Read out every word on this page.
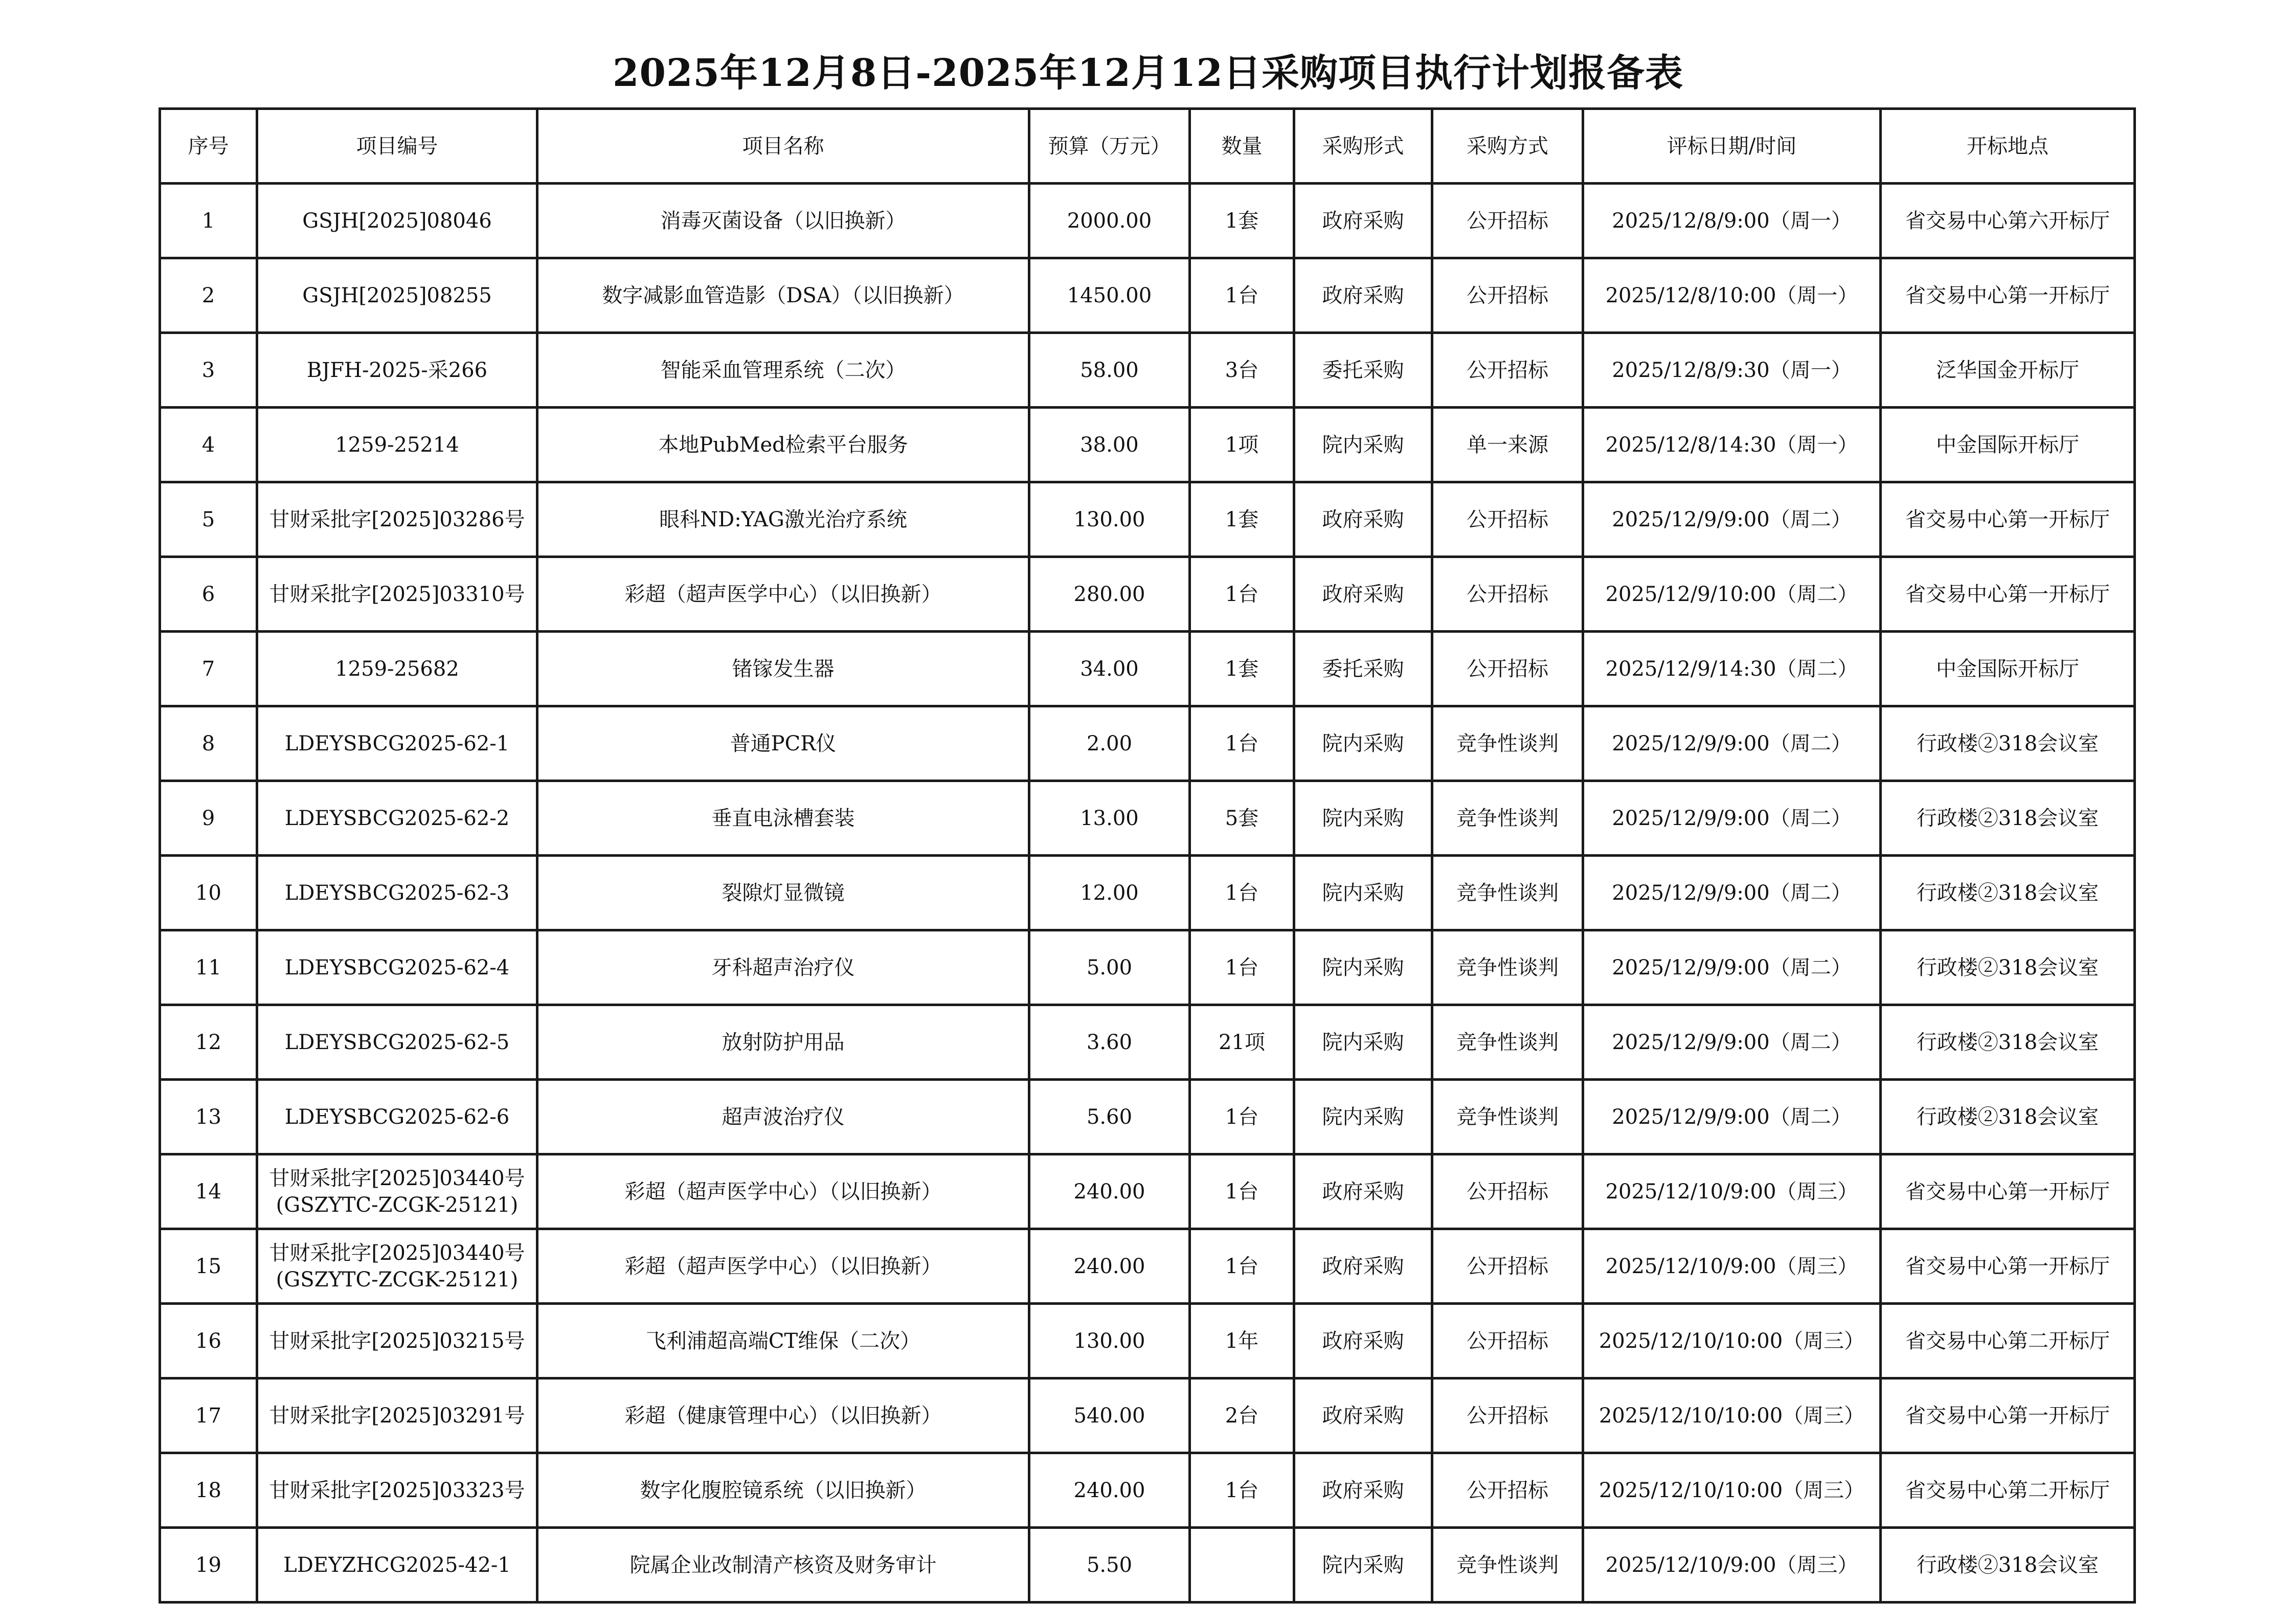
2025年12月8日-2025年12月12日采购项目执行计划报备表
序号	项目编号	项目名称	预算（万元）	数量	采购形式	采购方式	评标日期/时间	开标地点
1	GSJH[2025]08046	消毒灭菌设备（以旧换新）	2000.00	1套	政府采购	公开招标	2025/12/8/9:00（周一）	省交易中心第六开标厅
2	GSJH[2025]08255	数字减影血管造影（DSA）（以旧换新）	1450.00	1台	政府采购	公开招标	2025/12/8/10:00（周一）	省交易中心第一开标厅
3	BJFH-2025-采266	智能采血管理系统（二次）	58.00	3台	委托采购	公开招标	2025/12/8/9:30（周一）	泛华国金开标厅
4	1259-25214	本地PubMed检索平台服务	38.00	1项	院内采购	单一来源	2025/12/8/14:30（周一）	中金国际开标厅
5	甘财采批字[2025]03286号	眼科ND:YAG激光治疗系统	130.00	1套	政府采购	公开招标	2025/12/9/9:00（周二）	省交易中心第一开标厅
6	甘财采批字[2025]03310号	彩超（超声医学中心）（以旧换新）	280.00	1台	政府采购	公开招标	2025/12/9/10:00（周二）	省交易中心第一开标厅
7	1259-25682	锗镓发生器	34.00	1套	委托采购	公开招标	2025/12/9/14:30（周二）	中金国际开标厅
8	LDEYSBCG2025-62-1	普通PCR仪	2.00	1台	院内采购	竞争性谈判	2025/12/9/9:00（周二）	行政楼②318会议室
9	LDEYSBCG2025-62-2	垂直电泳槽套装	13.00	5套	院内采购	竞争性谈判	2025/12/9/9:00（周二）	行政楼②318会议室
10	LDEYSBCG2025-62-3	裂隙灯显微镜	12.00	1台	院内采购	竞争性谈判	2025/12/9/9:00（周二）	行政楼②318会议室
11	LDEYSBCG2025-62-4	牙科超声治疗仪	5.00	1台	院内采购	竞争性谈判	2025/12/9/9:00（周二）	行政楼②318会议室
12	LDEYSBCG2025-62-5	放射防护用品	3.60	21项	院内采购	竞争性谈判	2025/12/9/9:00（周二）	行政楼②318会议室
13	LDEYSBCG2025-62-6	超声波治疗仪	5.60	1台	院内采购	竞争性谈判	2025/12/9/9:00（周二）	行政楼②318会议室
14	甘财采批字[2025]03440号
(GSZYTC-ZCGK-25121)	彩超（超声医学中心）（以旧换新）	240.00	1台	政府采购	公开招标	2025/12/10/9:00（周三）	省交易中心第一开标厅
15	甘财采批字[2025]03440号
(GSZYTC-ZCGK-25121)	彩超（超声医学中心）（以旧换新）	240.00	1台	政府采购	公开招标	2025/12/10/9:00（周三）	省交易中心第一开标厅
16	甘财采批字[2025]03215号	飞利浦超高端CT维保（二次）	130.00	1年	政府采购	公开招标	2025/12/10/10:00（周三）	省交易中心第二开标厅
17	甘财采批字[2025]03291号	彩超（健康管理中心）（以旧换新）	540.00	2台	政府采购	公开招标	2025/12/10/10:00（周三）	省交易中心第一开标厅
18	甘财采批字[2025]03323号	数字化腹腔镜系统（以旧换新）	240.00	1台	政府采购	公开招标	2025/12/10/10:00（周三）	省交易中心第二开标厅
19	LDEYZHCG2025-42-1	院属企业改制清产核资及财务审计	5.50		院内采购	竞争性谈判	2025/12/10/9:00（周三）	行政楼②318会议室
